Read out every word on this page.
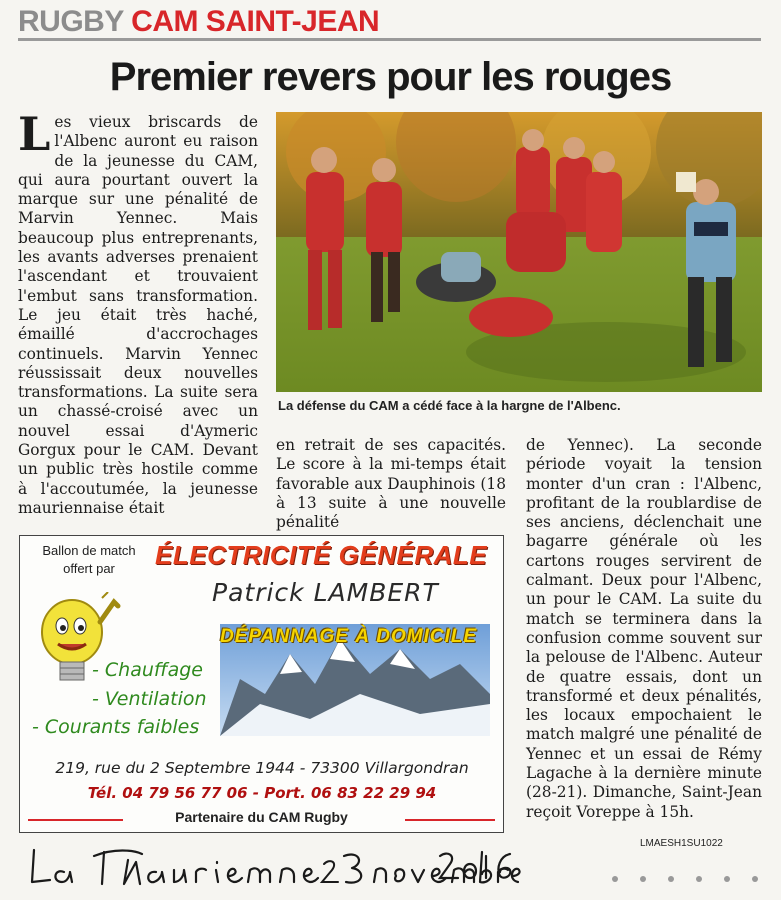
RUGBY CAM SAINT-JEAN
Premier revers pour les rouges

Les vieux briscards de l'Albenc auront eu raison de la jeunesse du CAM, qui aura pourtant ouvert la marque sur une pénalité de Marvin Yennec. Mais beaucoup plus entreprenants, les avants adverses prenaient l'ascendant et trouvaient l'embut sans transformation. Le jeu était très haché, émaillé d'accrochages continuels. Marvin Yennec réussissait deux nouvelles transformations. La suite sera un chassé-croisé avec un nouvel essai d'Aymeric Gorgux pour le CAM. Devant un public très hostile comme à l'accoutumée, la jeunesse mauriennaise était

La défense du CAM a cédé face à la hargne de l'Albenc.

en retrait de ses capacités. Le score à la mi-temps était favorable aux Dauphinois (18 à 13 suite à une nouvelle pénalité

de Yennec). La seconde période voyait la tension monter d'un cran : l'Albenc, profitant de la roublardise de ses anciens, déclenchait une bagarre générale où les cartons rouges servirent de calmant. Deux pour l'Albenc, un pour le CAM. La suite du match se terminera dans la confusion comme souvent sur la pelouse de l'Albenc. Auteur de quatre essais, dont un transformé et deux pénalités, les locaux empochaient le match malgré une pénalité de Yennec et un essai de Rémy Lagache à la dernière minute (28-21). Dimanche, Saint-Jean reçoit Voreppe à 15h.

Ballon de match
offert par	ÉLECTRICITÉ GÉNÉRALE
Patrick LAMBERT
DÉPANNAGE À DOMICILE
- Chauffage
- Ventilation
- Courants faibles
219, rue du 2 Septembre 1944 - 73300 Villargondran
Tél. 04 79 56 77 06 - Port. 06 83 22 29 94
Partenaire du CAM Rugby
LMAESH1SU1022
